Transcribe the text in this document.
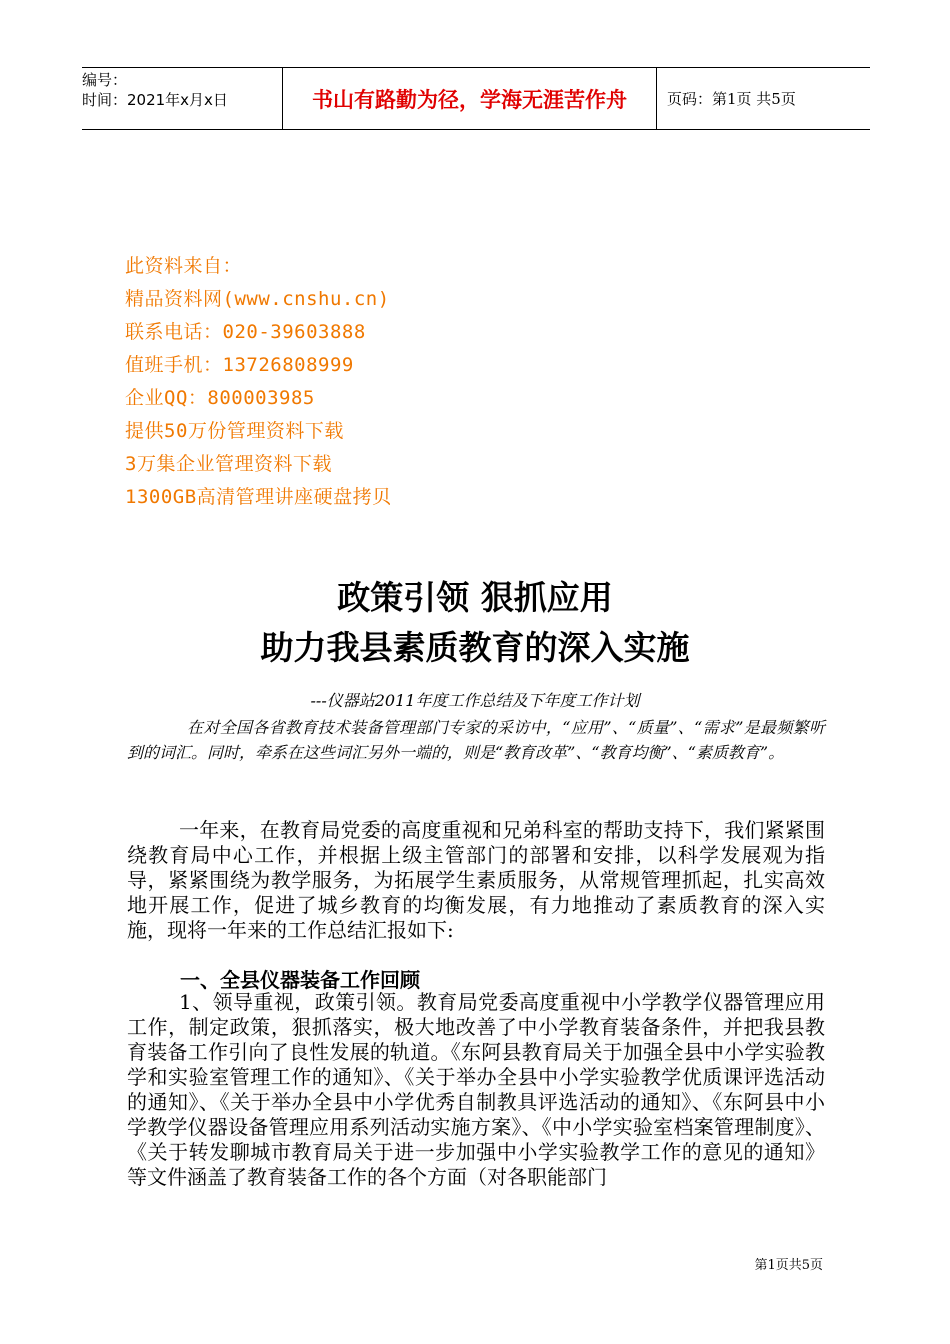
编号：
时间：2021年x月x日	书山有路勤为径，学海无涯苦作舟	页码：第1页 共5页
此资料来自：
精品资料网(www.cnshu.cn)
联系电话：020-39603888
值班手机：13726808999
企业QQ：800003985
提供50万份管理资料下载
3万集企业管理资料下载
1300GB高清管理讲座硬盘拷贝
政策引领 狠抓应用
助力我县素质教育的深入实施
---仪器站2011年度工作总结及下年度工作计划
在对全国各省教育技术装备管理部门专家的采访中，“应用”、“质量”、“需求”是最频繁听到的词汇。同时，牵系在这些词汇另外一端的，则是“教育改革”、“教育均衡”、“素质教育”。
一年来，在教育局党委的高度重视和兄弟科室的帮助支持下，我们紧紧围绕教育局中心工作，并根据上级主管部门的部署和安排，以科学发展观为指导，紧紧围绕为教学服务，为拓展学生素质服务，从常规管理抓起，扎实高效地开展工作，促进了城乡教育的均衡发展，有力地推动了素质教育的深入实施，现将一年来的工作总结汇报如下:
一、全县仪器装备工作回顾
1、领导重视，政策引领。教育局党委高度重视中小学教学仪器管理应用工作，制定政策，狠抓落实，极大地改善了中小学教育装备条件，并把我县教育装备工作引向了良性发展的轨道。《东阿县教育局关于加强全县中小学实验教学和实验室管理工作的通知》、《关于举办全县中小学实验教学优质课评选活动的通知》、《关于举办全县中小学优秀自制教具评选活动的通知》、《东阿县中小学教学仪器设备管理应用系列活动实施方案》、《中小学实验室档案管理制度》、《关于转发聊城市教育局关于进一步加强中小学实验教学工作的意见的通知》等文件涵盖了教育装备工作的各个方面（对各职能部门
第1页共5页
